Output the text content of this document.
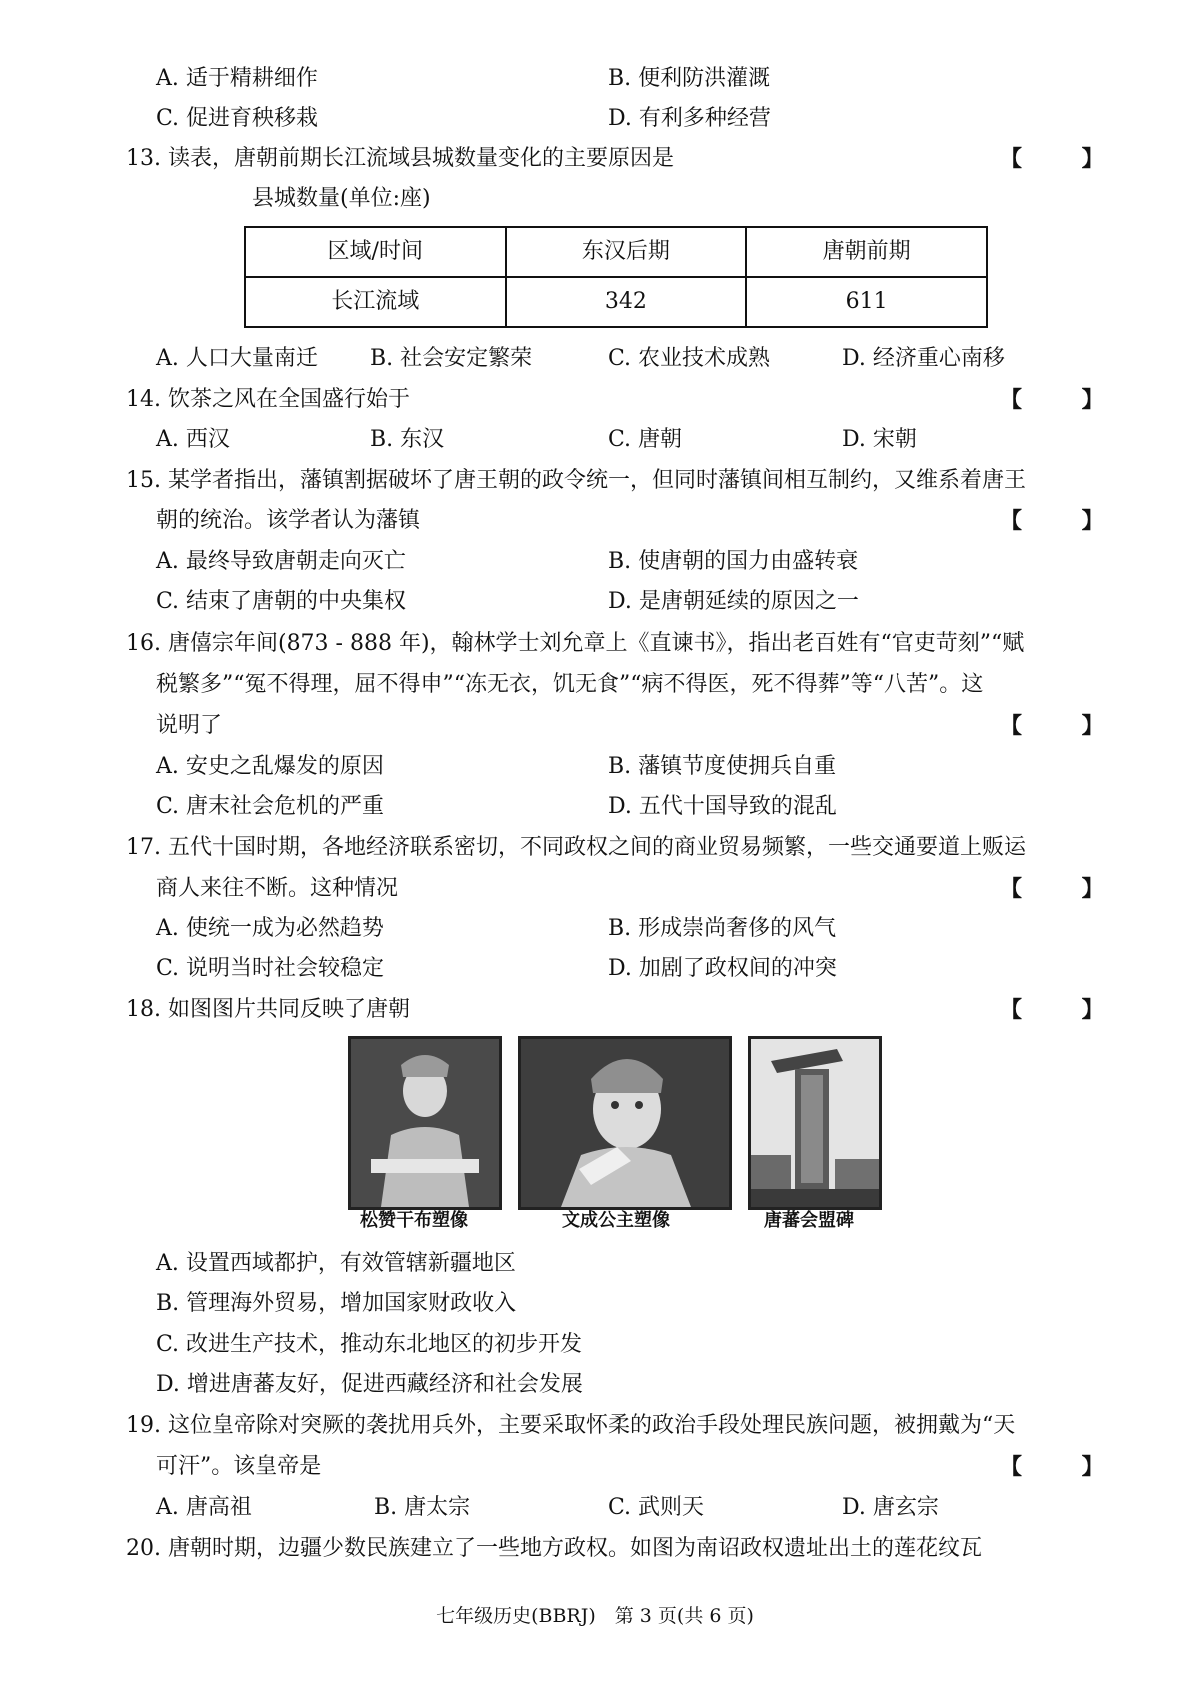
A. 适于精耕细作	B. 便利防洪灌溉
C. 促进育秧移栽	D. 有利多种经营
13. 读表，唐朝前期长江流域县城数量变化的主要原因是	【 】
县城数量(单位:座)
区域/时间	东汉后期	唐朝前期
长江流域	342	611
A. 人口大量南迁 B. 社会安定繁荣	C. 农业技术成熟	D. 经济重心南移
14. 饮茶之风在全国盛行始于	【 】
A. 西汉	B. 东汉	C. 唐朝	D. 宋朝
15. 某学者指出，藩镇割据破坏了唐王朝的政令统一，但同时藩镇间相互制约，又维系着唐王
朝的统治。该学者认为藩镇	【 】
A. 最终导致唐朝走向灭亡	B. 使唐朝的国力由盛转衰
C. 结束了唐朝的中央集权	D. 是唐朝延续的原因之一
16. 唐僖宗年间(873 - 888 年)，翰林学士刘允章上《直谏书》，指出老百姓有“官吏苛刻”“赋
税繁多”“冤不得理，屈不得申”“冻无衣，饥无食”“病不得医，死不得葬”等“八苦”。这
说明了	【 】
A. 安史之乱爆发的原因	B. 藩镇节度使拥兵自重
C. 唐末社会危机的严重	D. 五代十国导致的混乱
17. 五代十国时期，各地经济联系密切，不同政权之间的商业贸易频繁，一些交通要道上贩运
商人来往不断。这种情况	【 】
A. 使统一成为必然趋势	B. 形成崇尚奢侈的风气
C. 说明当时社会较稳定	D. 加剧了政权间的冲突
18. 如图图片共同反映了唐朝	【 】
松赞干布塑像	文成公主塑像	唐蕃会盟碑
A. 设置西域都护，有效管辖新疆地区
B. 管理海外贸易，增加国家财政收入
C. 改进生产技术，推动东北地区的初步开发
D. 增进唐蕃友好，促进西藏经济和社会发展
19. 这位皇帝除对突厥的袭扰用兵外，主要采取怀柔的政治手段处理民族问题，被拥戴为“天
可汗”。该皇帝是	【 】
A. 唐高祖	B. 唐太宗	C. 武则天	D. 唐玄宗
20. 唐朝时期，边疆少数民族建立了一些地方政权。如图为南诏政权遗址出土的莲花纹瓦
七年级历史(BBRJ)　第 3 页(共 6 页)
